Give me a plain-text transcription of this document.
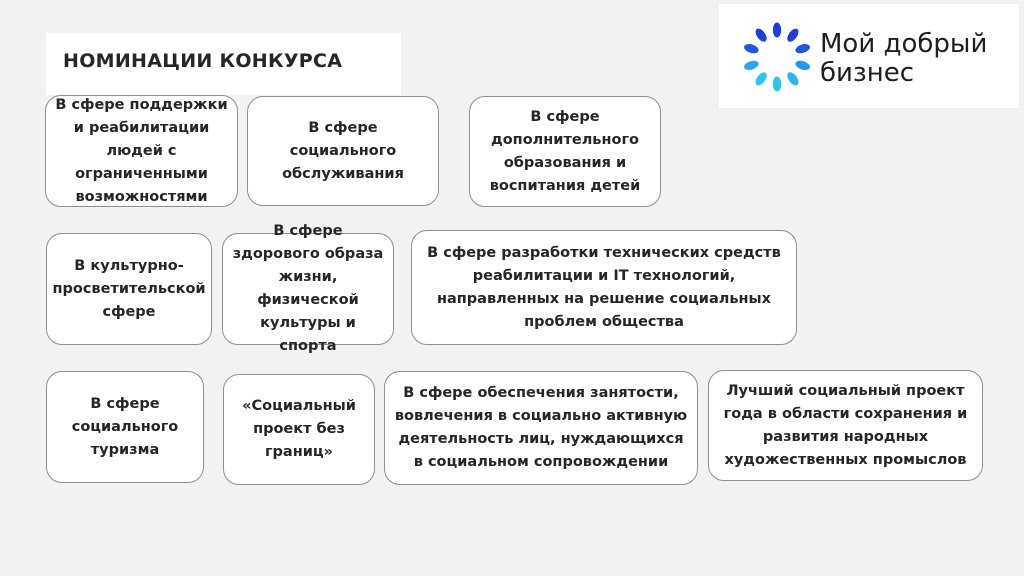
НОМИНАЦИИ КОНКУРСА
Мой добрый
бизнес
В сфере поддержки и реабилитации людей с ограниченными возможностями
В сфере социального обслуживания
В сфере дополнительного образования и воспитания детей
В культурно-просветительской сфере
В сфере здорового образа жизни, физической культуры и спорта
В сфере разработки технических средств реабилитации и IT технологий, направленных на решение социальных проблем общества
В сфере социального туризма
«Социальный проект без границ»
В сфере обеспечения занятости, вовлечения в социально активную деятельность лиц, нуждающихся в социальном сопровождении
Лучший социальный проект года в области сохранения и развития народных художественных промыслов
